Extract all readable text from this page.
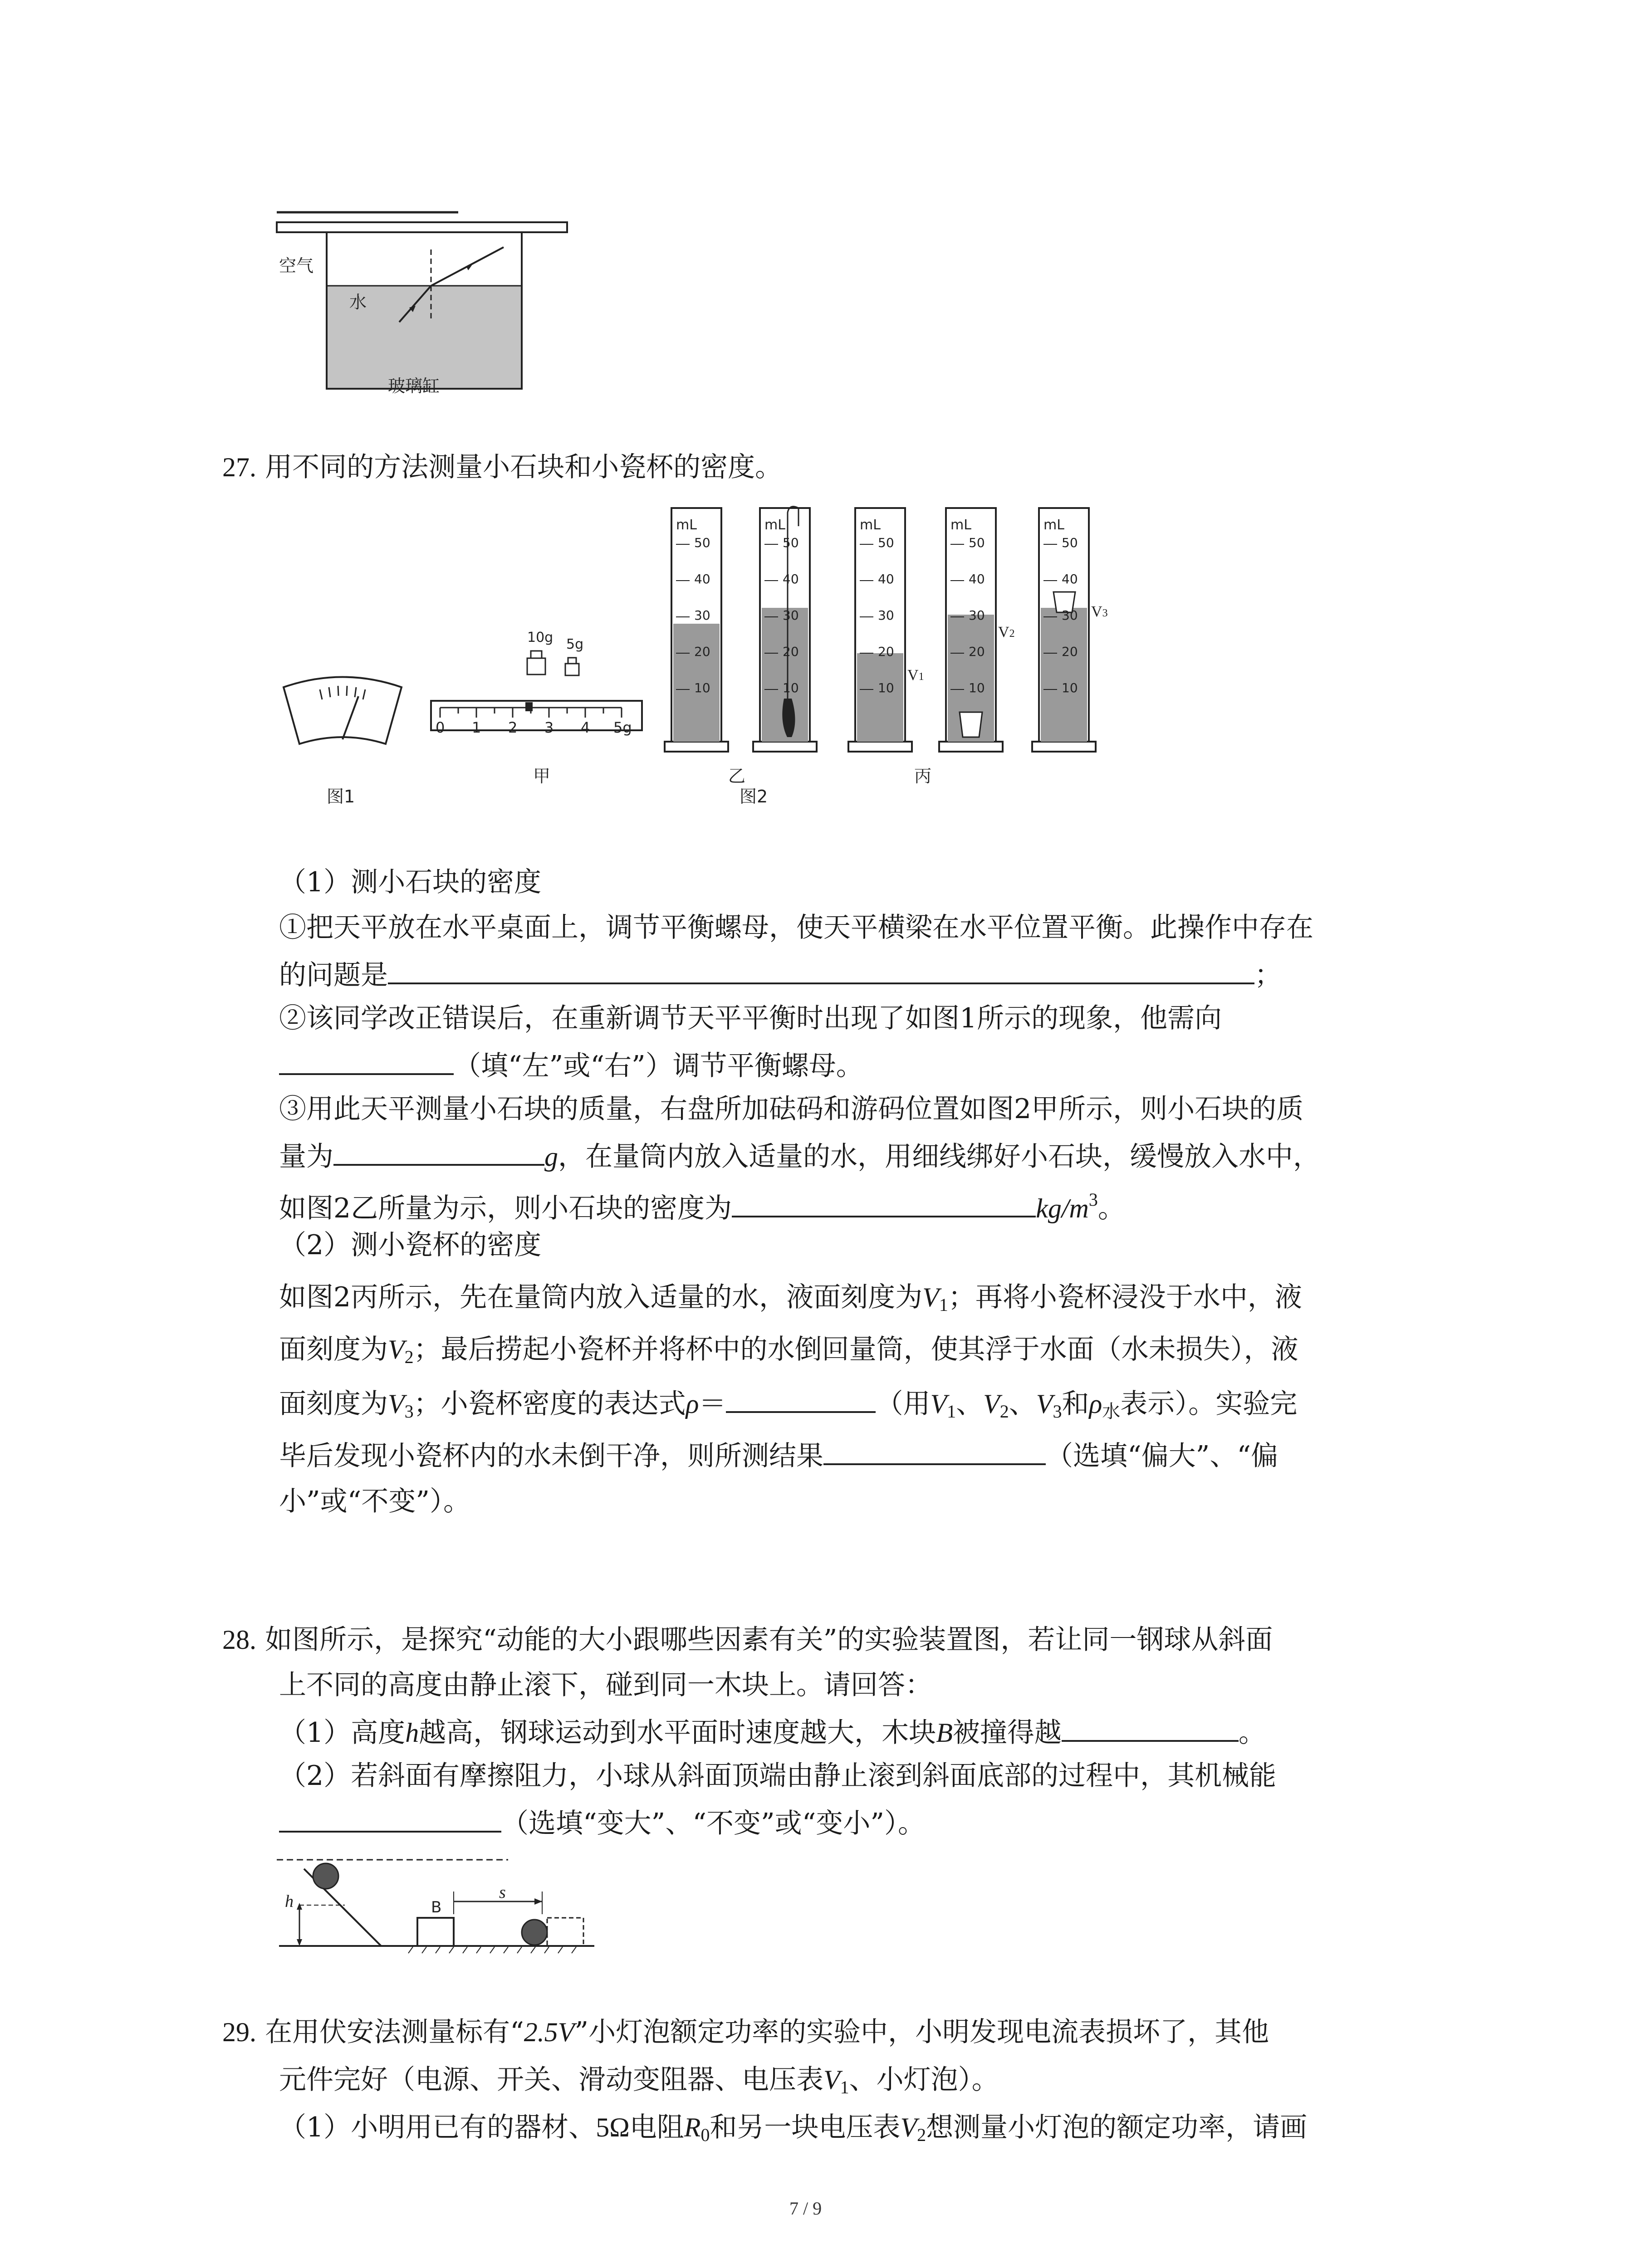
空气
水
玻璃缸
27. 用不同的方法测量小石块和小瓷杯的密度。
图1
10g 5g
0 1 2 3 4 5g
甲
mL	mL	mL	mL	mL
50
40
30
20
10
50
40
30
20
10
50
40
30
20
10
50
40
30
20
10
50
40
30
20
10
V1
V2
V3
乙	丙
图2
（1）测小石块的密度
①把天平放在水平桌面上，调节平衡螺母，使天平横梁在水平位置平衡。此操作中存在
的问题是	；
②该同学改正错误后，在重新调节天平平衡时出现了如图1所示的现象，他需向
（填“左”或“右”）调节平衡螺母。
③用此天平测量小石块的质量，右盘所加砝码和游码位置如图2甲所示，则小石块的质
量为	g，在量筒内放入适量的水，用细线绑好小石块，缓慢放入水中，
如图2乙所量为示，则小石块的密度为	$kg/m^3$。
（2）测小瓷杯的密度
如图2丙所示，先在量筒内放入适量的水，液面刻度为$V_1$；再将小瓷杯浸没于水中，液
面刻度为$V_2$；最后捞起小瓷杯并将杯中的水倒回量筒，使其浮于水面（水未损失），液
面刻度为$V_3$；小瓷杯密度的表达式ρ＝	（用$V_1$、$V_2$、$V_3$和$\rho_水$表示）。实验完
毕后发现小瓷杯内的水未倒干净，则所测结果	（选填“偏大”、“偏
小”或“不变”）。
28. 如图所示，是探究“动能的大小跟哪些因素有关”的实验装置图，若让同一钢球从斜面
上不同的高度由静止滚下，碰到同一木块上。请回答：
（1）高度h越高，钢球运动到水平面时速度越大，木块B被撞得越	。
（2）若斜面有摩擦阻力，小球从斜面顶端由静止滚到斜面底部的过程中，其机械能
（选填“变大”、“不变”或“变小”）。
h	B
s
29. 在用伏安法测量标有“2.5V”小灯泡额定功率的实验中，小明发现电流表损坏了，其他
元件完好（电源、开关、滑动变阻器、电压表$V_1$、小灯泡）。
（1）小明用已有的器材、5Ω电阻$R_0$和另一块电压表$V_2$想测量小灯泡的额定功率，请画
7 / 9
